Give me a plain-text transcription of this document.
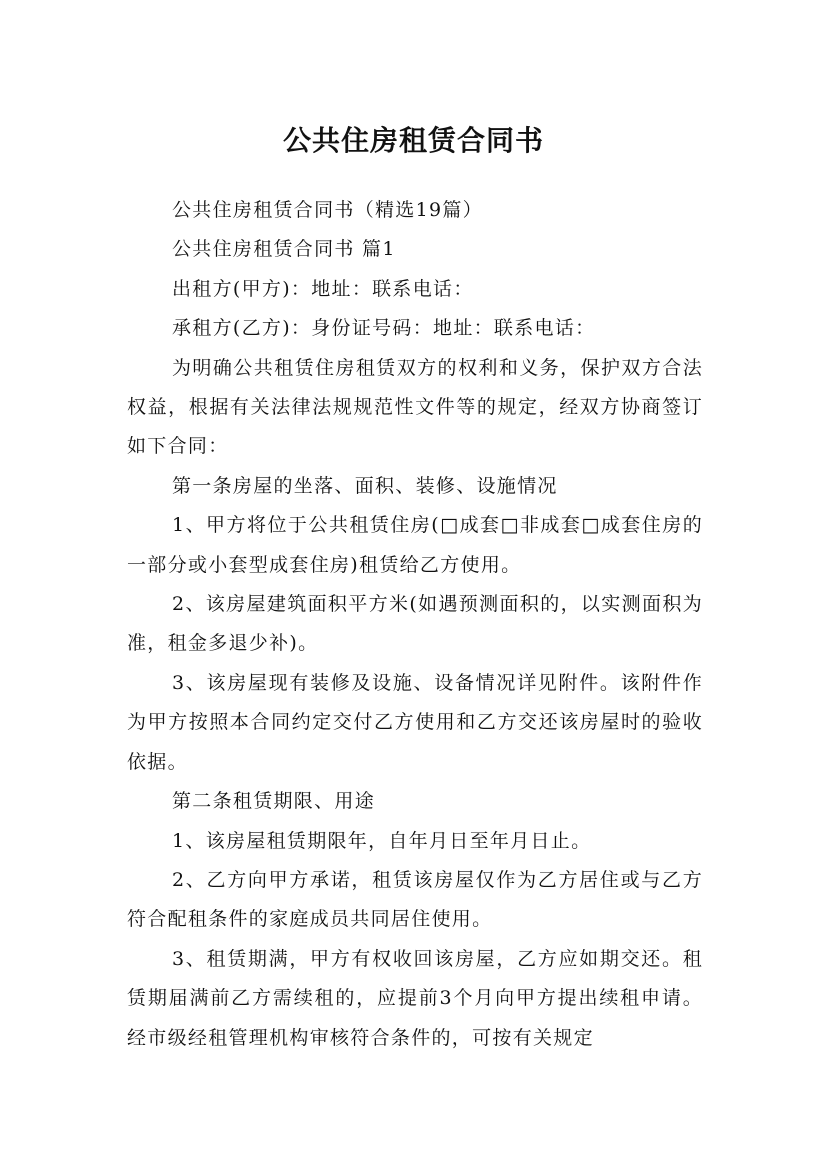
公共住房租赁合同书

公共住房租赁合同书（精选19篇）

公共住房租赁合同书 篇1

出租方(甲方)：地址：联系电话：

承租方(乙方)：身份证号码：地址：联系电话：

为明确公共租赁住房租赁双方的权利和义务，保护双方合法权益，根据有关法律法规规范性文件等的规定，经双方协商签订如下合同：

第一条房屋的坐落、面积、装修、设施情况

1、甲方将位于公共租赁住房(□成套□非成套□成套住房的一部分或小套型成套住房)租赁给乙方使用。

2、该房屋建筑面积平方米(如遇预测面积的，以实测面积为准，租金多退少补)。

3、该房屋现有装修及设施、设备情况详见附件。该附件作为甲方按照本合同约定交付乙方使用和乙方交还该房屋时的验收依据。

第二条租赁期限、用途

1、该房屋租赁期限年，自年月日至年月日止。

2、乙方向甲方承诺，租赁该房屋仅作为乙方居住或与乙方符合配租条件的家庭成员共同居住使用。

3、租赁期满，甲方有权收回该房屋，乙方应如期交还。租赁期届满前乙方需续租的，应提前3个月向甲方提出续租申请。经市级经租管理机构审核符合条件的，可按有关规定
